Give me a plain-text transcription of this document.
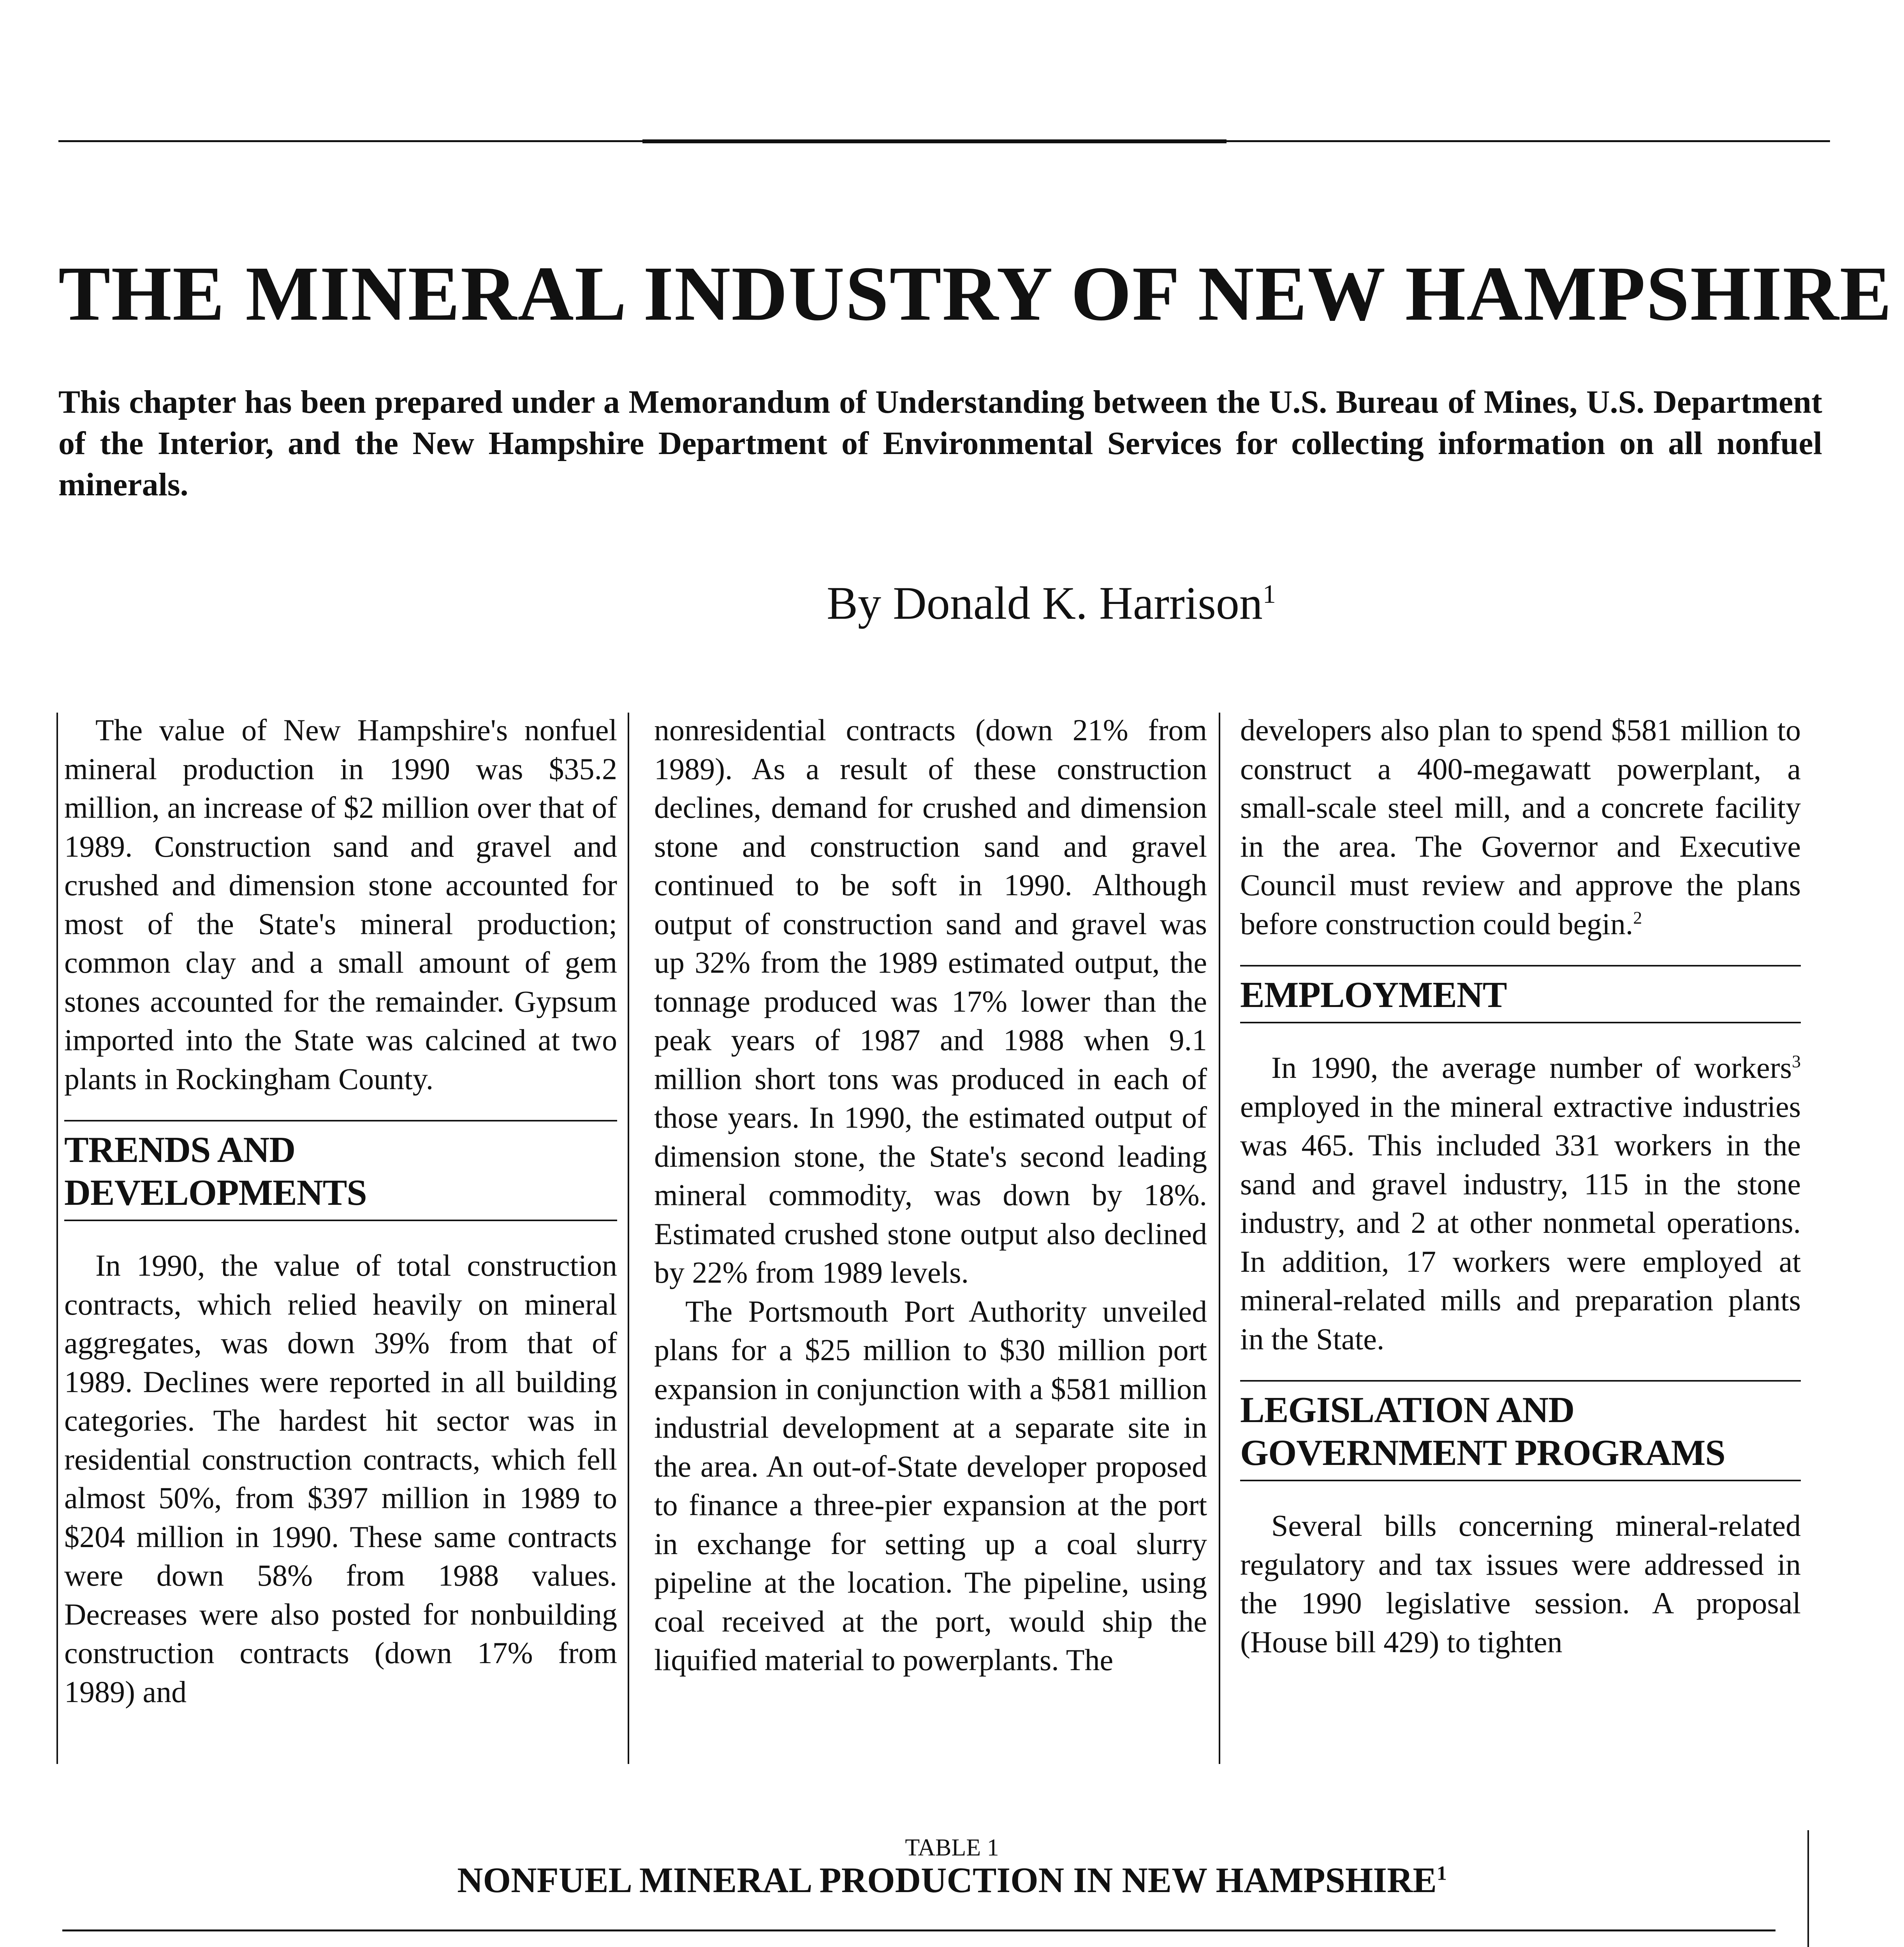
THE MINERAL INDUSTRY OF NEW HAMPSHIRE
This chapter has been prepared under a Memorandum of Understanding between the U.S. Bureau of Mines, U.S. Department of the Interior, and the New Hampshire Department of Environmental Services for collecting information on all nonfuel minerals.
By Donald K. Harrison$^1$

The value of New Hampshire's nonfuel mineral production in 1990 was $35.2 million, an increase of $2 million over that of 1989. Construction sand and gravel and crushed and dimension stone accounted for most of the State's mineral production; common clay and a small amount of gem stones accounted for the remainder. Gypsum imported into the State was calcined at two plants in Rockingham County.

TRENDS AND
DEVELOPMENTS

In 1990, the value of total construction contracts, which relied heavily on mineral aggregates, was down 39% from that of 1989. Declines were reported in all building categories. The hardest hit sector was in residential construction contracts, which fell almost 50%, from $397 million in 1989 to $204 million in 1990. These same contracts were down 58% from 1988 values. Decreases were also posted for nonbuilding construction contracts (down 17% from 1989) and

nonresidential contracts (down 21% from 1989). As a result of these construction declines, demand for crushed and dimension stone and construction sand and gravel continued to be soft in 1990. Although output of construction sand and gravel was up 32% from the 1989 estimated output, the tonnage produced was 17% lower than the peak years of 1987 and 1988 when 9.1 million short tons was produced in each of those years. In 1990, the estimated output of dimension stone, the State's second leading mineral commodity, was down by 18%. Estimated crushed stone output also declined by 22% from 1989 levels.

The Portsmouth Port Authority unveiled plans for a $25 million to $30 million port expansion in conjunction with a $581 million industrial development at a separate site in the area. An out-of-State developer proposed to finance a three-pier expansion at the port in exchange for setting up a coal slurry pipeline at the location. The pipeline, using coal received at the port, would ship the liquified material to powerplants. The

developers also plan to spend $581 million to construct a 400-megawatt powerplant, a small-scale steel mill, and a concrete facility in the area. The Governor and Executive Council must review and approve the plans before construction could begin.$^2$

EMPLOYMENT

In 1990, the average number of workers$^3$ employed in the mineral extractive industries was 465. This included 331 workers in the sand and gravel industry, 115 in the stone industry, and 2 at other nonmetal operations. In addition, 17 workers were employed at mineral-related mills and preparation plants in the State.

LEGISLATION AND
GOVERNMENT PROGRAMS

Several bills concerning mineral-related regulatory and tax issues were addressed in the 1990 legislative session. A proposal (House bill 429) to tighten

TABLE 1
NONFUEL MINERAL PRODUCTION IN NEW HAMPSHIRE$^1$
